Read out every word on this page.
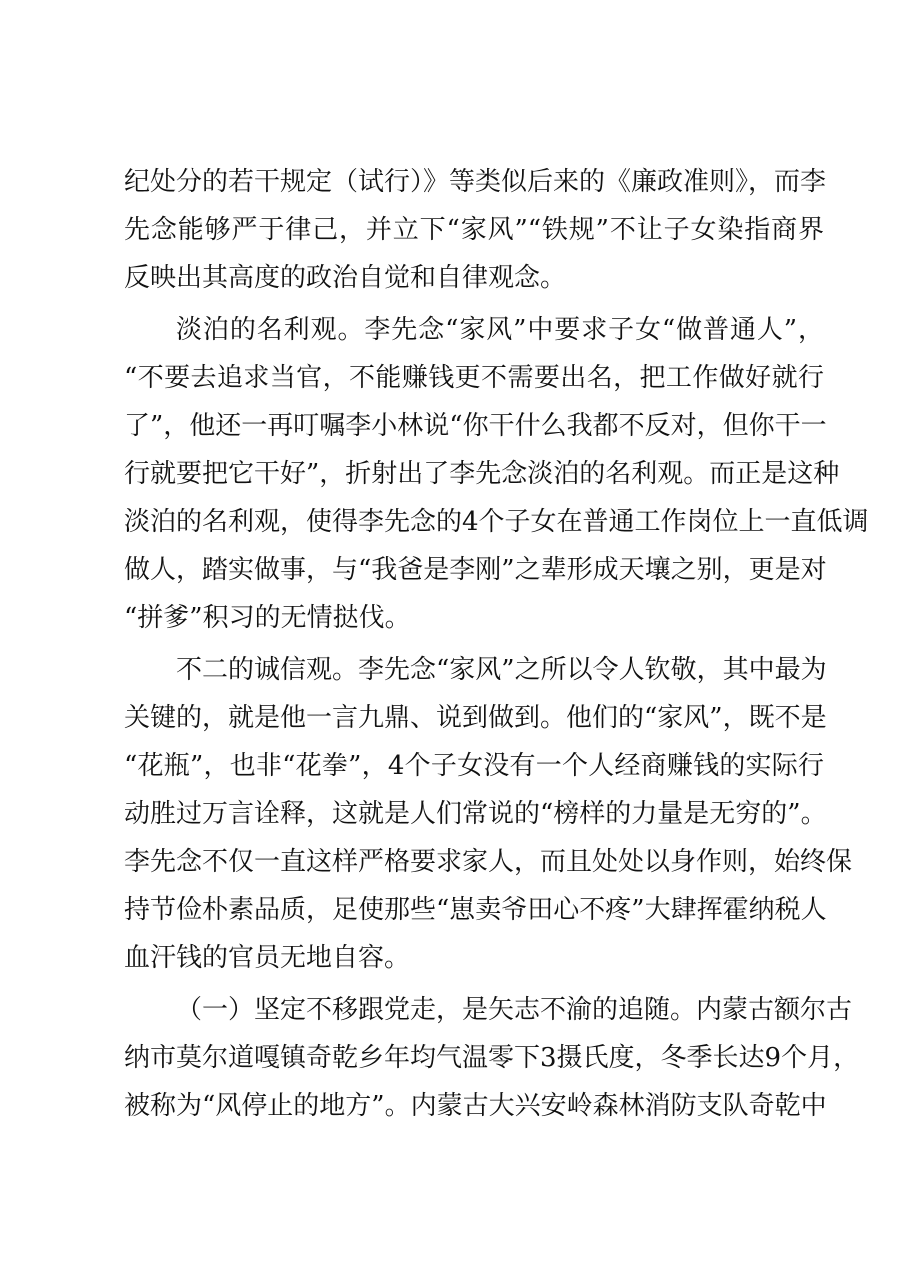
纪处分的若干规定（试行）》等类似后来的《廉政准则》，而李
先念能够严于律己，并立下“家风”“铁规”不让子女染指商界
反映出其高度的政治自觉和自律观念。
淡泊的名利观。李先念“家风”中要求子女“做普通人”，
“不要去追求当官，不能赚钱更不需要出名，把工作做好就行
了”，他还一再叮嘱李小林说“你干什么我都不反对，但你干一
行就要把它干好”，折射出了李先念淡泊的名利观。而正是这种
淡泊的名利观，使得李先念的4个子女在普通工作岗位上一直低调
做人，踏实做事，与“我爸是李刚”之辈形成天壤之别，更是对
“拼爹”积习的无情挞伐。
不二的诚信观。李先念“家风”之所以令人钦敬，其中最为
关键的，就是他一言九鼎、说到做到。他们的“家风”，既不是
“花瓶”，也非“花拳”，4个子女没有一个人经商赚钱的实际行
动胜过万言诠释，这就是人们常说的“榜样的力量是无穷的”。
李先念不仅一直这样严格要求家人，而且处处以身作则，始终保
持节俭朴素品质，足使那些“崽卖爷田心不疼”大肆挥霍纳税人
血汗钱的官员无地自容。
（一）坚定不移跟党走，是矢志不渝的追随。内蒙古额尔古
纳市莫尔道嘎镇奇乾乡年均气温零下3摄氏度，冬季长达9个月，
被称为“风停止的地方”。内蒙古大兴安岭森林消防支队奇乾中
